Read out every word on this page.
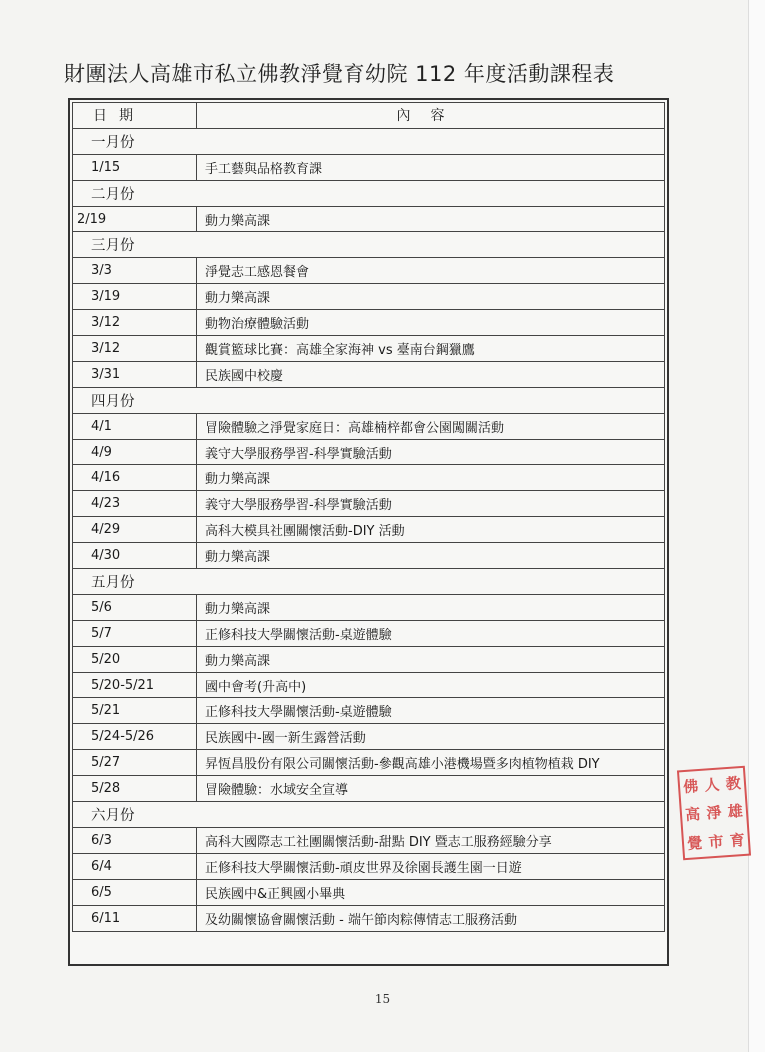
財團法人高雄市私立佛教淨覺育幼院 112 年度活動課程表
日期	內容
一月份	
1/15	手工藝與品格教育課
二月份	
2/19	動力樂高課
三月份	
3/3	淨覺志工感恩餐會
3/19	動力樂高課
3/12	動物治療體驗活動
3/12	觀賞籃球比賽：高雄全家海神 vs 臺南台鋼獵鷹
3/31	民族國中校慶
四月份	
4/1	冒險體驗之淨覺家庭日：高雄楠梓都會公園闖關活動
4/9	義守大學服務學習-科學實驗活動
4/16	動力樂高課
4/23	義守大學服務學習-科學實驗活動
4/29	高科大模具社團關懷活動-DIY 活動
4/30	動力樂高課
五月份	
5/6	動力樂高課
5/7	正修科技大學關懷活動-桌遊體驗
5/20	動力樂高課
5/20-5/21	國中會考(升高中)
5/21	正修科技大學關懷活動-桌遊體驗
5/24-5/26	民族國中-國一新生露營活動
5/27	昇恆昌股份有限公司關懷活動-參觀高雄小港機場暨多肉植物植栽 DIY
5/28	冒險體驗：水域安全宣導
六月份	
6/3	高科大國際志工社團關懷活動-甜點 DIY 暨志工服務經驗分享
6/4	正修科技大學關懷活動-頑皮世界及徐園長護生園一日遊
6/5	民族國中&正興國小畢典
6/11	及幼關懷協會關懷活動 - 端午節肉粽傳情志工服務活動
佛 人 教
高 淨 雄
覺 市 育
15
